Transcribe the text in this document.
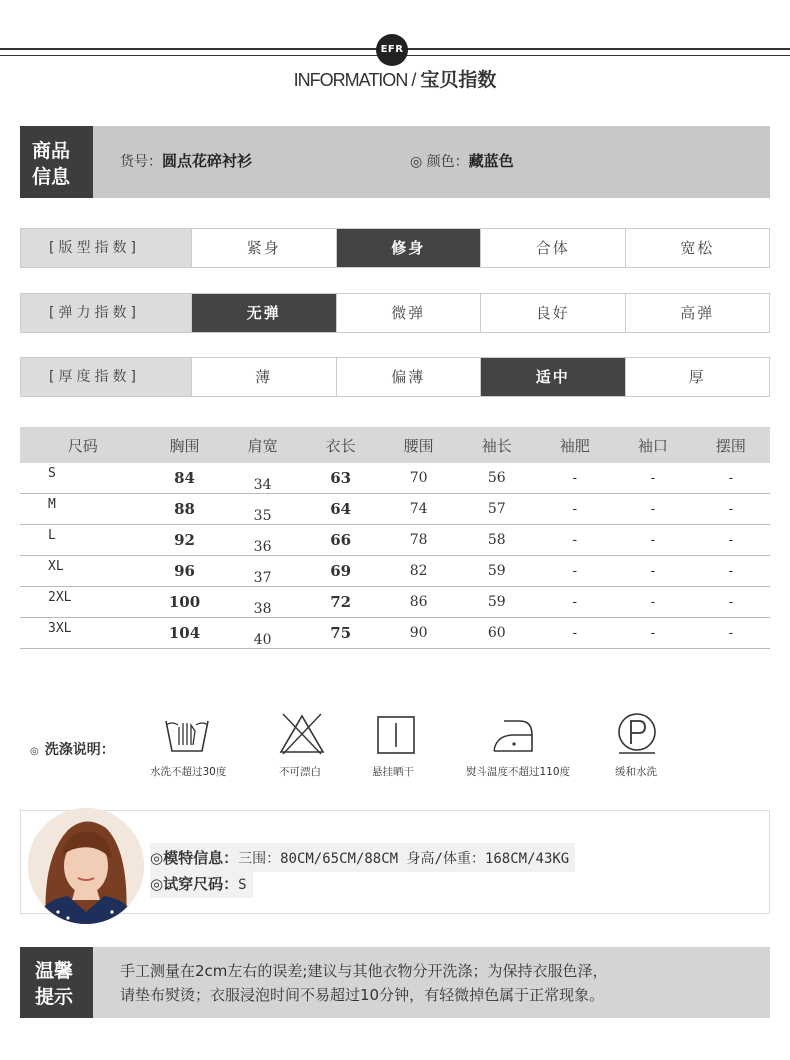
EFR
INFORMATION / 宝贝指数
商品
信息
货号：圆点花碎衬衫	◎ 颜色：藏蓝色
[版型指数]	紧身	修身	合体	宽松
[弹力指数]	无弹	微弹	良好	高弹
[厚度指数]	薄	偏薄	适中	厚
尺码	胸围	肩宽	衣长	腰围	袖长	袖肥	袖口	摆围
S	84	34	63	70	56	-	-	-
M	88	35	64	74	57	-	-	-
L	92	36	66	78	58	-	-	-
XL	96	37	69	82	59	-	-	-
2XL	100	38	72	86	59	-	-	-
3XL	104	40	75	90	60	-	-	-
◎ 洗涤说明：
水洗不超过30度	不可漂白	悬挂晒干	熨斗温度不超过110度	缓和水洗
◎模特信息：三围：80CM/65CM/88CM 身高/体重：168CM/43KG
◎试穿尺码：S
温馨
提示
手工测量在2cm左右的误差;建议与其他衣物分开洗涤；为保持衣服色泽，
请垫布熨烫；衣服浸泡时间不易超过10分钟，有轻微掉色属于正常现象。
